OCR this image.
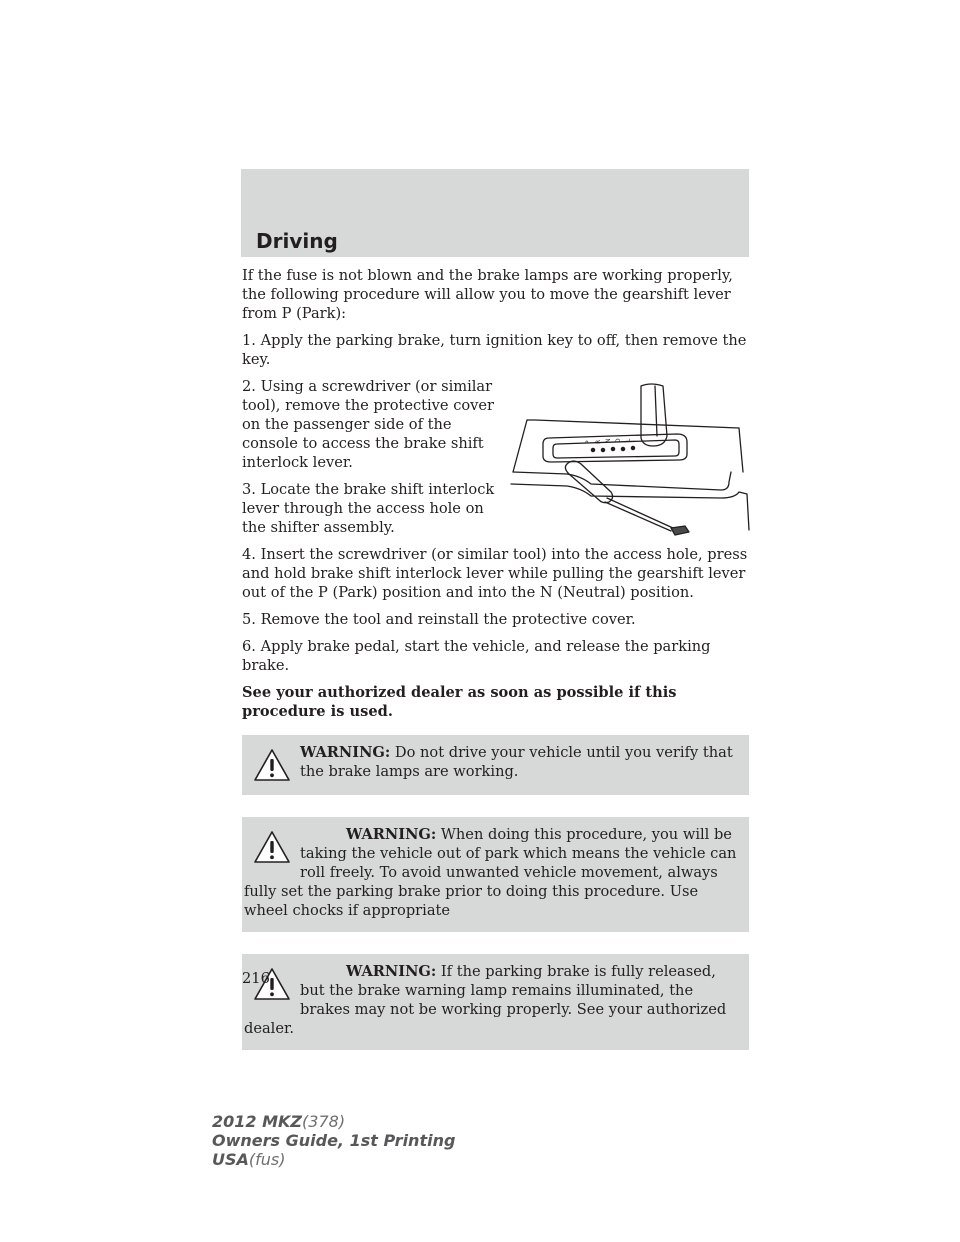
Driving

If the fuse is not blown and the brake lamps are working properly, the following procedure will allow you to move the gearshift lever from P (Park):

1. Apply the parking brake, turn ignition key to off, then remove the key.

P R N D L

2. Using a screwdriver (or similar tool), remove the protective cover on the passenger side of the console to access the brake shift interlock lever.

3. Locate the brake shift interlock lever through the access hole on the shifter assembly.

4. Insert the screwdriver (or similar tool) into the access hole, press and hold brake shift interlock lever while pulling the gearshift lever out of the P (Park) position and into the N (Neutral) position.

5. Remove the tool and reinstall the protective cover.

6. Apply brake pedal, start the vehicle, and release the parking brake.

See your authorized dealer as soon as possible if this procedure is used.

WARNING: Do not drive your vehicle until you verify that the brake lamps are working.
WARNING: When doing this procedure, you will be taking the vehicle out of park which means the vehicle can roll freely. To avoid unwanted vehicle movement, always fully set the parking brake prior to doing this procedure. Use wheel chocks if appropriate
WARNING: If the parking brake is fully released, but the brake warning lamp remains illuminated, the brakes may not be working properly. See your authorized dealer.
216
2012 MKZ(378)
Owners Guide, 1st Printing
USA(fus)
